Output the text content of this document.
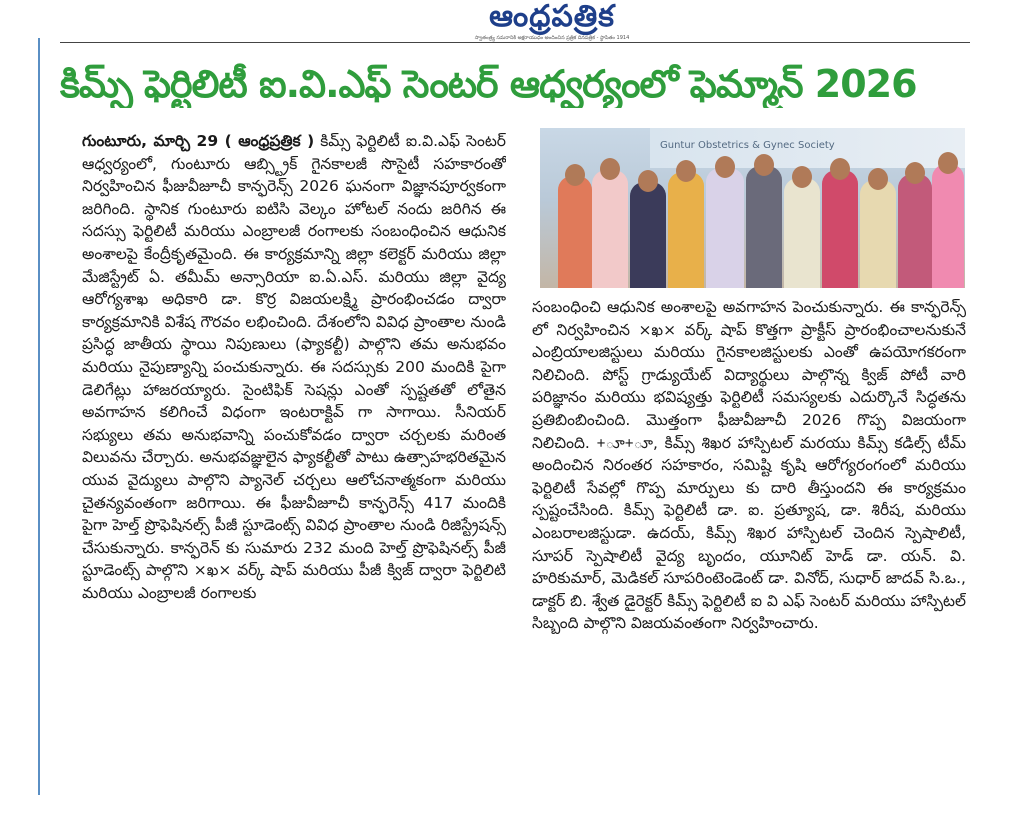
ఆంధ్రపత్రిక
స్వాతంత్ర్య సమరానికి అక్షరాయుధం అందించిన ప్రత్రిక దినపత్రిక - స్థాపితం 1914
కిమ్స్ ఫెర్టిలిటీ ఐ.వి.ఎఫ్ సెంటర్ ఆధ్వర్యంలో ఫెమ్మాన్ 2026

గుంటూరు, మార్చి 29 ( ఆంధ్రప్రత్రిక ) కిమ్స్ ఫెర్టిలిటీ ఐ.వి.ఎఫ్ సెంటర్ ఆధ్వర్యంలో, గుంటూరు ఆబ్స్ట్రిక్ గైనకాలజీ సొసైటీ సహకారంతో నిర్వహించిన ఫీజువీజూచీ కాన్ఫరెన్స్ 2026 ఘనంగా విజ్ఞానపూర్వకంగా జరిగింది. స్థానిక గుంటూరు ఐటిసి వెల్కం హోటల్ నందు జరిగిన ఈ సదస్సు ఫెర్టిలిటీ మరియు ఎంబ్రాలజీ రంగాలకు సంబంధించిన ఆధునిక అంశాలపై కేంద్రీకృతమైంది. ఈ కార్యక్రమాన్ని జిల్లా కలెక్టర్ మరియు జిల్లా మేజిస్ట్రేట్ ఏ. తమీమ్ అన్సారియా ఐ.ఏ.ఎస్. మరియు జిల్లా వైద్య ఆరోగ్యశాఖ అధికారి డా. కొర్ర విజయలక్ష్మి ప్రారంభించడం ద్వారా కార్యక్రమానికి విశేష గౌరవం లభించింది. దేశంలోని వివిధ ప్రాంతాల నుండి ప్రసిద్ధ జాతీయ స్థాయి నిపుణులు (ఫ్యాకల్టీ) పాల్గొని తమ అనుభవం మరియు నైపుణ్యాన్ని పంచుకున్నారు. ఈ సదస్సుకు 200 మందికి పైగా డెలిగేట్లు హాజరయ్యారు. సైంటిఫిక్ సెషన్లు ఎంతో స్పష్టతతో లోతైన అవగాహన కలిగించే విధంగా ఇంటరాక్టివ్ గా సాగాయి. సీనియర్ సభ్యులు తమ అనుభవాన్ని పంచుకోవడం ద్వారా చర్చలకు మరింత విలువను చేర్చారు. అనుభవజ్ఞులైన ఫ్యాకల్టీతో పాటు ఉత్సాహభరితమైన యువ వైద్యులు పాల్గొని ప్యానెల్ చర్చలు ఆలోచనాత్మకంగా మరియు చైతన్యవంతంగా జరిగాయి. ఈ ఫీజువీజూచీ కాన్ఫరెన్స్ 417 మందికి పైగా హెల్త్ ప్రొఫెషినల్స్ పీజీ స్టూడెంట్స్ వివిధ ప్రాంతాల నుండి రిజిస్ట్రేషన్స్ చేసుకున్నారు. కాన్ఫరెన్ కు సుమారు 232 మంది హెల్త్ ప్రొఫెషినల్స్ పీజీ స్టూడెంట్స్ పాల్గొని ×ఖ× వర్క్ షాప్ మరియు పీజీ క్విజ్ ద్వారా ఫెర్టిలిటి మరియు ఎంబ్రాలజీ రంగాలకు

Guntur Obstetrics & Gynec Society

సంబంధించి ఆధునిక అంశాలపై అవగాహన పెంచుకున్నారు. ఈ కాన్ఫరెన్స్ లో నిర్వహించిన ×ఖ× వర్క్ షాప్ కొత్తగా ప్రాక్టీస్ ప్రారంభించాలనుకునే ఎంబ్రియాలజిస్టులు మరియు గైనకాలజిస్టులకు ఎంతో ఉపయోగకరంగా నిలిచింది. పోస్ట్ గ్రాడ్యుయేట్ విద్యార్థులు పాల్గొన్న క్విజ్ పోటీ వారి పరిజ్ఞానం మరియు భవిష్యత్తు ఫెర్టిలిటీ సమస్యలకు ఎదుర్కొనే సిద్ధతను ప్రతిబింబించింది. మొత్తంగా ఫీజువీజూచీ 2026 గొప్ప విజయంగా నిలిచింది. +ూ+ూ, కిమ్స్ శిఖర హాస్పిటల్ మరయు కిమ్స్ కడిల్స్ టీమ్ అందించిన నిరంతర సహకారం, సమిష్టి కృషి ఆరోగ్యరంగంలో మరియు ఫెర్టిలిటీ సేవల్లో గొప్ప మార్పులు కు దారి తీస్తుందని ఈ కార్యక్రమం స్పష్టంచేసింది. కిమ్స్ ఫెర్టిలిటీ డా. ఐ. ప్రత్యూష, డా. శిరీష, మరియు ఎంబరాలజిస్టుడా. ఉదయ్, కిమ్స్ శిఖర హాస్పిటల్ చెందిన స్పెషాలిటీ, సూపర్ స్పెషాలిటీ వైద్య బృందం, యూనిట్ హెడ్ డా. యన్. వి. హరికుమార్, మెడికల్ సూపరింటెండెంట్ డా. వినోద్, సుధార్ జాదవ్ సి.ఒ., డాక్టర్ బి. శ్వేత డైరెక్టర్ కిమ్స్ ఫెర్టిలిటీ ఐ వి ఎఫ్ సెంటర్ మరియు హాస్పిటల్ సిబ్బంది పాల్గొని విజయవంతంగా నిర్వహించారు.
